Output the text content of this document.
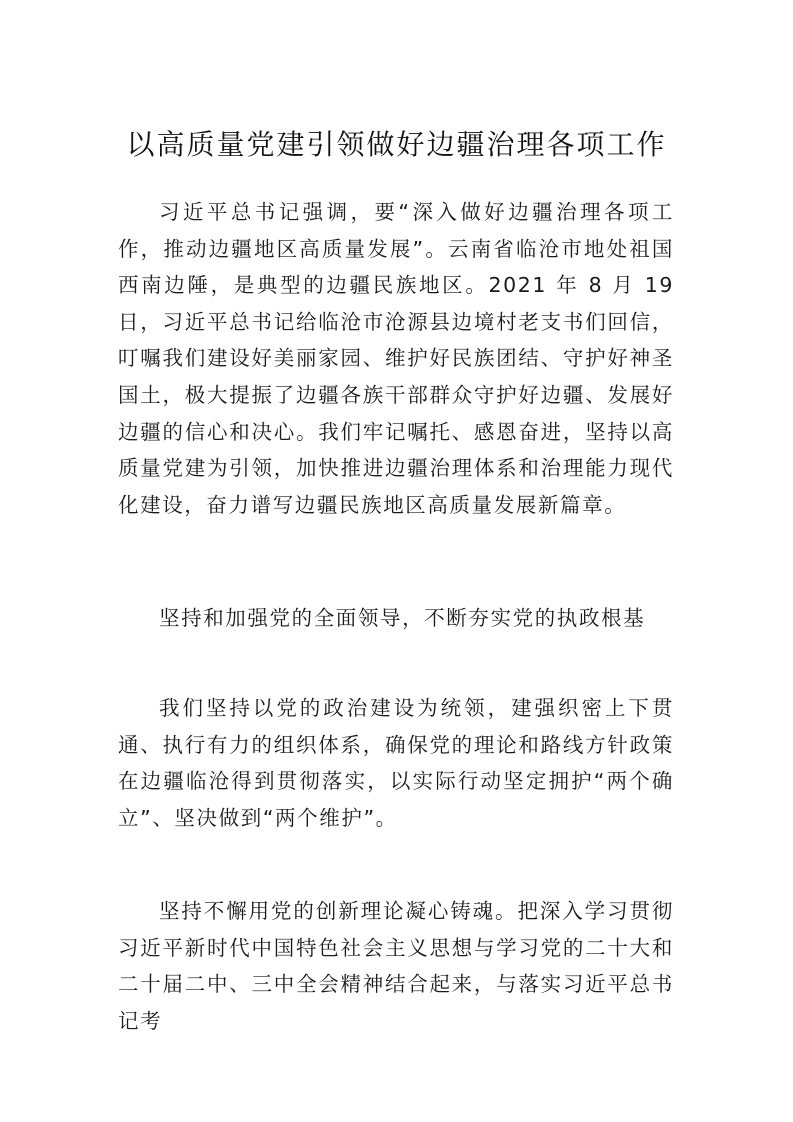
以高质量党建引领做好边疆治理各项工作

习近平总书记强调，要“深入做好边疆治理各项工作，推动边疆地区高质量发展”。云南省临沧市地处祖国西南边陲，是典型的边疆民族地区。2021 年 8 月 19 日，习近平总书记给临沧市沧源县边境村老支书们回信，叮嘱我们建设好美丽家园、维护好民族团结、守护好神圣国土，极大提振了边疆各族干部群众守护好边疆、发展好边疆的信心和决心。我们牢记嘱托、感恩奋进，坚持以高质量党建为引领，加快推进边疆治理体系和治理能力现代化建设，奋力谱写边疆民族地区高质量发展新篇章。

坚持和加强党的全面领导，不断夯实党的执政根基

我们坚持以党的政治建设为统领，建强织密上下贯通、执行有力的组织体系，确保党的理论和路线方针政策在边疆临沧得到贯彻落实，以实际行动坚定拥护“两个确立”、坚决做到“两个维护”。

坚持不懈用党的创新理论凝心铸魂。把深入学习贯彻习近平新时代中国特色社会主义思想与学习党的二十大和二十届二中、三中全会精神结合起来，与落实习近平总书记考
